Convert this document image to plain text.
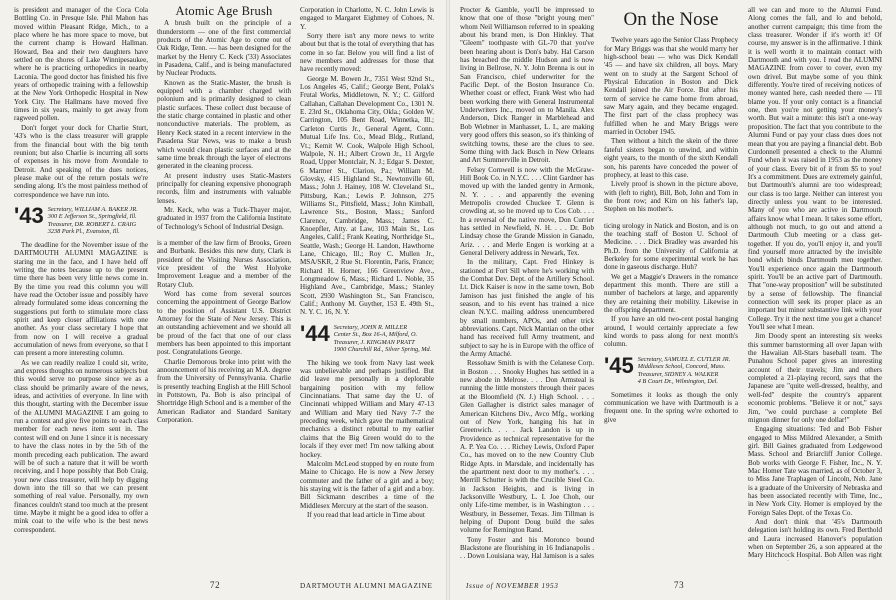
is president and manager of the Coca Cola Bottling Co. in Presque Isle. Phil Mahon has moved within Pleasant Ridge, Mich., to a place where he has more space to move, but the current champ is Howard Hallman. Howard, Bea and their two daughters have settled on the shores of Lake Winnipesaukee, where he is practicing orthopedics in nearby Laconia. The good doctor has finished his five years of orthopedic training with a fellowship at the New York Orthopedic Hospital in New York City. The Hallmans have moved five times in six years, mainly to get away from ragweed pollen.

Don't forget your dock for Charlie Sturt, '43's who is the class treasurer will grapple from the financial bout with the big tenth reunion; but also Charlie is incurring all sorts of expenses in his move from Avondale to Detroit. And speaking of the dues notices, please make out of the return postals we're sending along. It's the most painless method of correspondence we have run into.

'43 Secretary, WILLIAM A. BAKER JR.
300 E Jefferson St., Springfield, Ill.
Treasurer, DR. ROBERT L. CRAIG
3238 Park Pl., Evanston, Ill.

The deadline for the November issue of the DARTMOUTH ALUMNI MAGAZINE is staring me in the face, and I have held off writing the notes because up to the present time there has been very little news come in. By the time you read this column you will have read the October issue and possibly have already formulated some ideas concerning the suggestions put forth to stimulate more class spirit and keep closer affiliations with one another. As your class secretary I hope that from now on I will receive a gradual accumulation of news from everyone, so that I can present a more interesting column.

As we can readily realize I could sit, write, and express thoughts on numerous subjects but this would serve no purpose since we as a class should be primarily aware of the news, ideas, and activities of everyone. In line with this thought, starting with the December issue of the ALUMNI MAGAZINE I am going to run a contest and give five points to each class member for each news item sent in. The contest will end on June 1 since it is necessary to have the class notes in by the 5th of the month preceding each publication. The award will be of such a nature that it will be worth receiving, and I hope possibly that Bob Craig, your new class treasurer, will help by digging down into the till so that we can present something of real value. Personally, my own finances couldn't stand too much at the present time. Maybe it might be a good idea to offer a mink coat to the wife who is the best news correspondent.

Atomic Age Brush

A brush built on the principle of a thunderstorm — one of the first commercial products of the Atomic Age to come out of Oak Ridge, Tenn. — has been designed for the market by the Henry C. Keck ('33) Associates in Pasadena, Calif., and is being manufactured by Nuclear Products.

Known as the Static-Master, the brush is equipped with a chamber charged with polonium and is primarily designed to clean plastic surfaces. These collect dust because of the static charge contained in plastic and other nonconductive materials. The problem, as Henry Keck stated in a recent interview in the Pasadena Star News, was to make a brush which would clean plastic surfaces and at the same time break through the layer of electrons generated in the cleaning process.

At present industry uses Static-Masters principally for cleaning expensive phonograph records, film and instruments with valuable lenses.

Mr. Keck, who was a Tuck-Thayer major, graduated in 1937 from the California Institute of Technology's School of Industrial Design.

is a member of the law firm of Brooks, Green and Burbank. Besides this new duty, Clark is president of the Visiting Nurses Association, vice president of the West Holyoke Improvement League and a member of the Rotary Club.

Word has come from several sources concerning the appointment of George Barlow to the position of Assistant U.S. District Attorney for the State of New Jersey. This is an outstanding achievement and we should all be proud of the fact that one of our class members has been appointed to this important post. Congratulations George.

Charlie Demorous broke into print with the announcement of his receiving an M.A. degree from the University of Pennsylvania. Charlie is presently teaching English at the Hill School in Pottstown, Pa. Bob is also principal of Shortridge High School and is a member of the American Radiator and Standard Sanitary Corporation.

Corporation in Charlotte, N. C. John Lewis is engaged to Margaret Eighmey of Cohoes, N. Y.

Sorry there isn't any more news to write about but that is the total of everything that has come in so far. Below you will find a list of new members and addresses for those that have recently moved:

George M. Bowen Jr., 7351 West 92nd St., Los Angeles 45, Calif.; George Bent, Polak's Frutal Works, Middletown, N. Y.; C. Gilford Callahan, Callahan Development Co., 1301 N. E. 23rd St., Oklahoma City, Okla.; Golden W. Carrington, 105 Bent Road, Winnetka, Ill.; Carleton Curtis Jr., General Agent, Conn. Mutual Life Ins. Co., Mead Bldg., Rutland, Vt.; Kemit W. Cook, Walpole High School, Walpole, N. H.; Albert Crown Jr., 11 Argyle Road, Upper Montclair, N. J.; Edgar S. Dexter, 6 Marmer St., Clarion, Pa.; William M. Glovsky, 415 Highland St., Newtonville 60, Mass.; John J. Hainey, 108 W. Cleveland St., Pittsburg, Kan.; Lewis P. Johnson, 275 Williams St., Pittsfield, Mass.; John Kimball, Lawrence Sts., Boston, Mass.; Sanford Clarence, Cambridge, Mass.; James C. Knoepfler, Atty. at Law, 103 Main St., Los Angeles, Calif.; Frank Keating, Northridge St., Seattle, Wash.; George H. Landon, Hawthorne Lane, Chicago, Ill.; Roy C. Mullen Jr., MSA/SKR, 2 Rue St. Florentin, Paris, France; Richard H. Horner, 166 Greenview Ave., Longmeadow 6, Mass.; Richard L. Noble, 35 Highland Ave., Cambridge, Mass.; Stanley Scott, 2930 Washington St., San Francisco, Calif.; Anthony M. Guyther, 153 E. 49th St., N. Y. C. 16, N. Y.

'44 Secretary, JOHN R. MILLER
Center St., Box 16-A, Milford, O.
Treasurer, J. KINGMAN PRATT
1900 Churchill Rd., Silver Spring, Md.

The hiking we took from Navy last week was unbelievable and perhaps justified. But did leave me personally in a deplorable bargaining position with my fellow Cincinnatians. That same day the U. of Cincinnati whipped William and Mary 47-13 and William and Mary tied Navy 7-7 the preceding week, which gave the mathematical mechanics a distinct rebuttal to my earlier claims that the Big Green would do to the locals if they ever met! I'm now talking about hockey.

Malcolm McLeod stopped by en route from Maine to Chicago. He is now a New Jersey commuter and the father of a girl and a boy; his staying wit is the father of a girl and a boy. Bill Sickmann describes a time of the Middlesex Mercury at the start of the season.

If you read that lead article in Time about

72	DARTMOUTH ALUMNI MAGAZINE

Procter & Gamble, you'll be impressed to know that one of those "bright young men" whom Neil Williamson referred to in speaking about his brand men, is Don Hinkley. That "Gleem" toothpaste with GL-70 that you've been hearing about is Don's baby. Hal Carson has breached the middle Hudson and is now living in Bellrose, N. Y. John Brenna is out in San Francisco, chief underwriter for the Pacific Dept. of the Boston Insurance Co. Whether coast or effect, Frank West who had been working there with General Instrumental Underwriters Inc., moved on to Manila. Alex Anderson, Dick Ranger in Marblehead and Bob Wiebner in Manhasset, L. I., are making very good offers this season, so it's thinking of switching towns, these are the clues to see. Some thing with Jack Busch in New Orleans and Art Summerville in Detroit.

Felsey Cornwell is now with the McGraw-Hill Book Co. in N.Y.C. . . . Clint Gardner has moved up with the landed gentry in Armonk, N. Y. . . . and apparently the evening Metropolis crowded Chuckee T. Glenn is crowding at, so he moved up to Cos Cob. . . . In a reversal of the native move, Don Currier has settled in Newfield, N. H. . . . Dr. Bob Lindsay chose the Grande Mission in Ganado, Ariz. . . . and Merle Engen is working at a General Delivery address in Newark, Tex.

In the military, Capt. Fred Hinkey is stationed at Fort Sill where he's working with the Combat Dev. Dept. of the Artillery School. Lt. Dick Kaiser is now in the same town, Bob Jamison has just finished the angle of his season, and to his event has trained a nice clean N.Y.C. mailing address unencumbered by small numbers, APOs, and other trick abbreviations. Capt. Nick Mantian on the other hand has received full Army treatment, and subject to say he is in Europe with the office of the Army Attaché.

Ressohaw Smith is with the Celanese Corp. in Boston . . . Snooky Hughes has settled in a new abode in Melrose. . . . Don Armsteal is running the little monsters through their paces at the Bloomfield (N. J.) High School. . . . Glen Gallagher is district sales manager of American Kitchens Div., Avco Mfg., working out of New York, hanging his hat in Greenwich. . . . Jack Landon is up in Providence as technical representative for the A. P. Yea Co. . . . Richey Lewis, Oxford Paper Co., has moved on to the new Country Club Ridge Apts. in Marsdale, and incidentally has the apartment next door to my mother's. . . . Merrill Schutter is with the Crucible Steel Co. in Jackson Heights, and is living in Jacksonville Westbury, L. I. Joe Choh, our only Life-time member, is in Washington . . . Westbury, in Bessemer, Texas. Jim Tillman is helping of Dupont Doug build the sales volume for Remington Rand.

Tony Foster and his Moronco bound Blackstone are flourishing in 16 Indianapolis . . . Down Louisiana way, Hal Jamison is a sales

On the Nose

Twelve years ago the Senior Class Prophecy for Mary Briggs was that she would marry her high-school beau — who was Dick Kendall '45 — and have six children, all boys. Mary went on to study at the Sargent School of Physical Education in Boston and Dick Kendall joined the Air Force. But after his term of service he came home from abroad, saw Mary again, and they became engaged. The first part of the class prophecy was fulfilled when he and Mary Briggs were married in October 1945.

Then without a hitch the skein of the three fateful sisters began to unwind, and within eight years, to the month of the sixth Kendall son, his parents have conceded the power of prophecy, at least to this case.

Lively proof is shown in the picture above, with (left to right), Bill, Bob, John and Tom in the front row; and Kim on his father's lap, Stephen on his mother's.

ticing urology in Natick and Boston, and is on the teaching staff of Boston U. School of Medicine. . . . Dick Bradley was awarded his Ph.D. from the University of California at Berkeley for some experimental work he has done in gaseous discharge. Huh?

We get a Maggie's Drawers in the romance department this month. There are still a number of bachelors at large, and apparently they are retaining their mobility. Likewise in the offspring department.

If you have an old two-cent postal hanging around, I would certainly appreciate a few kind words to pass along for next month's column.

'45 Secretary, SAMUEL E. CUTLER JR.
Middlesex School, Concord, Mass.
Treasurer, SIDNEY A. WALKER
4 B Court Dr., Wilmington, Del.

Sometimes it looks as though the only communication we have with Dartmouth is a frequent one. In the spring we're exhorted to give

all we can and more to the Alumni Fund. Along comes the fall, and lo and behold, another current campaign; this time from the class treasurer. Wonder if it's worth it! Of course, my answer is in the affirmative. I think it is well worth it to maintain contact with Dartmouth and with you. I read the ALUMNI MAGAZINE from cover to cover, even my own drivel. But maybe some of you think differently. You're tired of receiving notices of money wanted here, cash needed there — I'll blame you. If your only contact is a financial one, then you're not getting your money's worth. But wait a minute: this isn't a one-way proposition. The fact that you contribute to the Alumni Fund or pay your class dues does not mean that you are paying a financial debt. Bob Curdonnell presented a check to the Alumni Fund when it was raised in 1953 as the money of your class. Every bit of it from $5 to you! It's a commitment. Dues are extremely gainful, but Dartmouth's alumni are too widespread; our class is too large. Neither can interest you directly unless you want to be interested. Many of you who are active in Dartmouth affairs know what I mean. It takes some effort, although not much, to go out and attend a Dartmouth Club meeting or a class get-together. If you do, you'll enjoy it, and you'll find yourself more attracted by the invisible bond which binds Dartmouth men together. You'll experience once again the Dartmouth spirit. You'll be an active part of Dartmouth. That "one-way proposition" will be substituted by a sense of fellowship. The financial connection will seek its proper place as an important but minor substantive link with your College. Try it the next time you get a chance! You'll see what I mean.

Jim Doody spent an interesting six weeks this summer barnstorming all over Japan with the Hawaiian All-Stars baseball team. The Punahou School paper gives an interesting account of their travels; Jim and others completed a 21-playing record, says that the Japanese are "quite well-dressed, healthy, and well-fed" despite the country's apparent economic problems. "Believe it or not," says Jim, "we could purchase a complete Bel mignon dinner for only one dollar!"

Engaging situations: Ted and Bob Fisher engaged to Miss Mildred Alexander, a Smith girl. Bill Gaines graduated from Ledgewood Mass. School and Briarcliff Junior College. Bob works with George F. Fisher, Inc., N. Y. Mac Homer Tate was married, as of October 3, to Miss Jane Traphagen of Lincoln, Neb. Jane is a graduate of the University of Nebraska and has been associated recently with Time, Inc., in New York City. Homer is employed by the Foreign Sales Dept. of the Texas Co.

And don't think that '45's Dartmouth delegation isn't holding its own. Fred Berthold and Laura increased Hanover's population when on September 26, a son appeared at the Mary Hitchcock Hospital. Bob Allen was right

Issue of NOVEMBER 1953	73
